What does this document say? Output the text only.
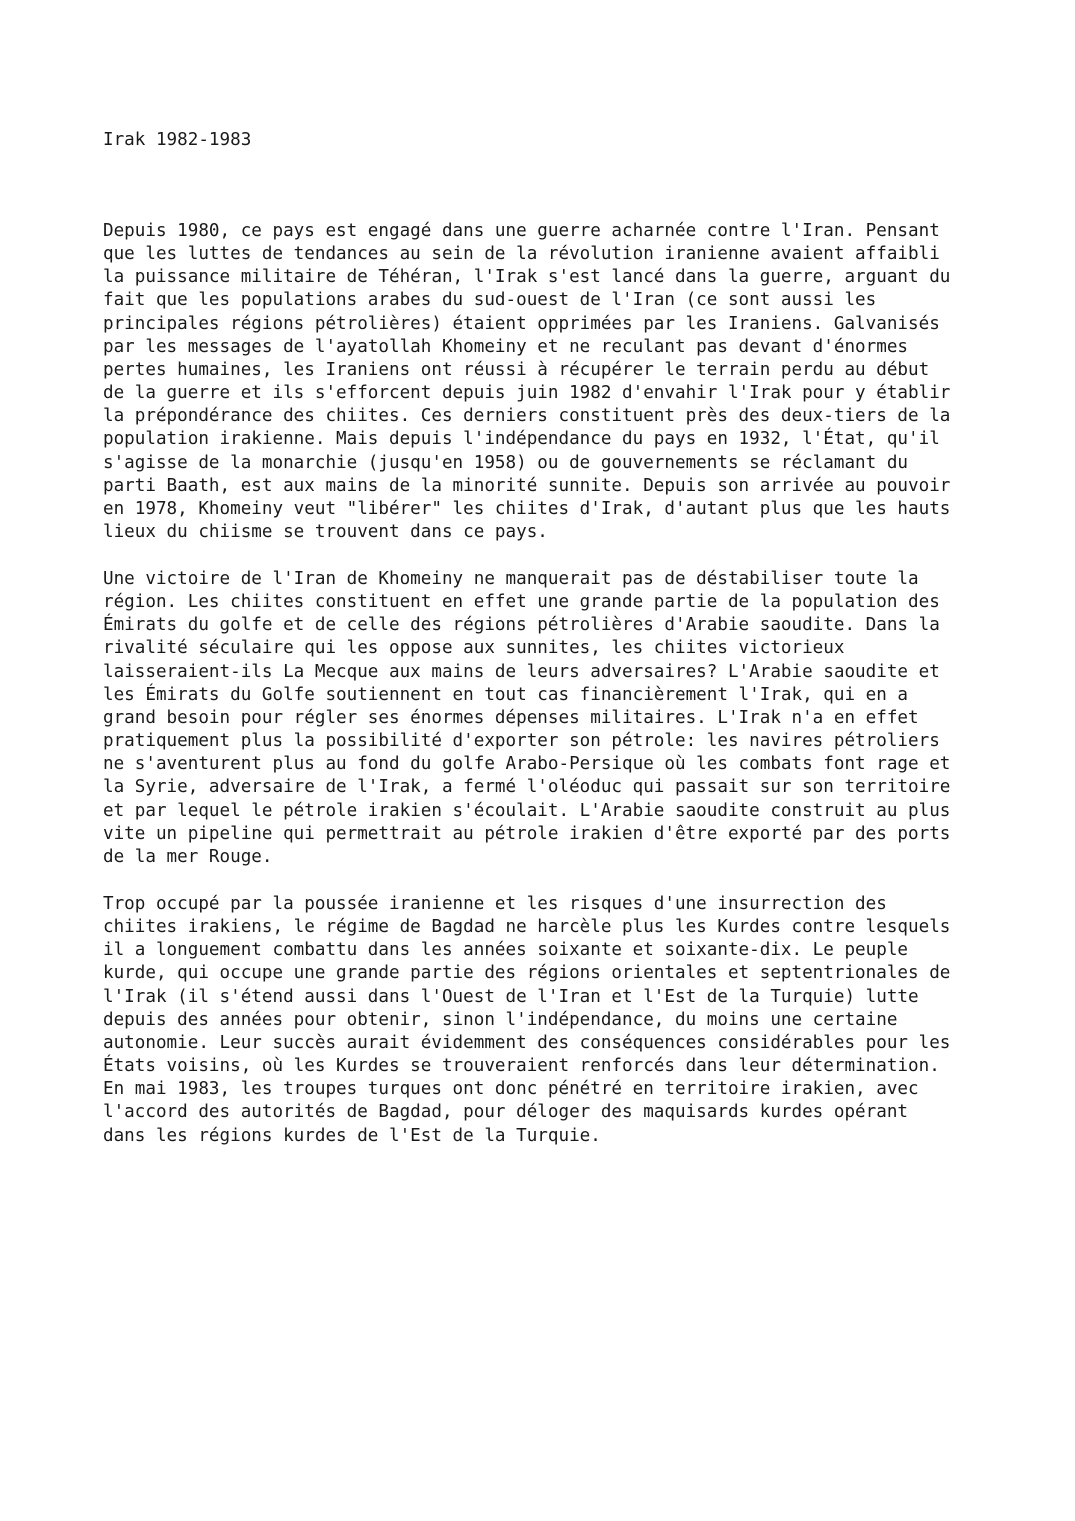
Irak 1982-1983

Depuis 1980, ce pays est engagé dans une guerre acharnée contre l'Iran. Pensant
que les luttes de tendances au sein de la révolution iranienne avaient affaibli
la puissance militaire de Téhéran, l'Irak s'est lancé dans la guerre, arguant du
fait que les populations arabes du sud-ouest de l'Iran (ce sont aussi les
principales régions pétrolières) étaient opprimées par les Iraniens. Galvanisés
par les messages de l'ayatollah Khomeiny et ne reculant pas devant d'énormes
pertes humaines, les Iraniens ont réussi à récupérer le terrain perdu au début
de la guerre et ils s'efforcent depuis juin 1982 d'envahir l'Irak pour y établir
la prépondérance des chiites. Ces derniers constituent près des deux-tiers de la
population irakienne. Mais depuis l'indépendance du pays en 1932, l'État, qu'il
s'agisse de la monarchie (jusqu'en 1958) ou de gouvernements se réclamant du
parti Baath, est aux mains de la minorité sunnite. Depuis son arrivée au pouvoir
en 1978, Khomeiny veut "libérer" les chiites d'Irak, d'autant plus que les hauts
lieux du chiisme se trouvent dans ce pays.

Une victoire de l'Iran de Khomeiny ne manquerait pas de déstabiliser toute la
région. Les chiites constituent en effet une grande partie de la population des
Émirats du golfe et de celle des régions pétrolières d'Arabie saoudite. Dans la
rivalité séculaire qui les oppose aux sunnites, les chiites victorieux
laisseraient-ils La Mecque aux mains de leurs adversaires? L'Arabie saoudite et
les Émirats du Golfe soutiennent en tout cas financièrement l'Irak, qui en a
grand besoin pour régler ses énormes dépenses militaires. L'Irak n'a en effet
pratiquement plus la possibilité d'exporter son pétrole: les navires pétroliers
ne s'aventurent plus au fond du golfe Arabo-Persique où les combats font rage et
la Syrie, adversaire de l'Irak, a fermé l'oléoduc qui passait sur son territoire
et par lequel le pétrole irakien s'écoulait. L'Arabie saoudite construit au plus
vite un pipeline qui permettrait au pétrole irakien d'être exporté par des ports
de la mer Rouge.

Trop occupé par la poussée iranienne et les risques d'une insurrection des
chiites irakiens, le régime de Bagdad ne harcèle plus les Kurdes contre lesquels
il a longuement combattu dans les années soixante et soixante-dix. Le peuple
kurde, qui occupe une grande partie des régions orientales et septentrionales de
l'Irak (il s'étend aussi dans l'Ouest de l'Iran et l'Est de la Turquie) lutte
depuis des années pour obtenir, sinon l'indépendance, du moins une certaine
autonomie. Leur succès aurait évidemment des conséquences considérables pour les
États voisins, où les Kurdes se trouveraient renforcés dans leur détermination.
En mai 1983, les troupes turques ont donc pénétré en territoire irakien, avec
l'accord des autorités de Bagdad, pour déloger des maquisards kurdes opérant
dans les régions kurdes de l'Est de la Turquie.
